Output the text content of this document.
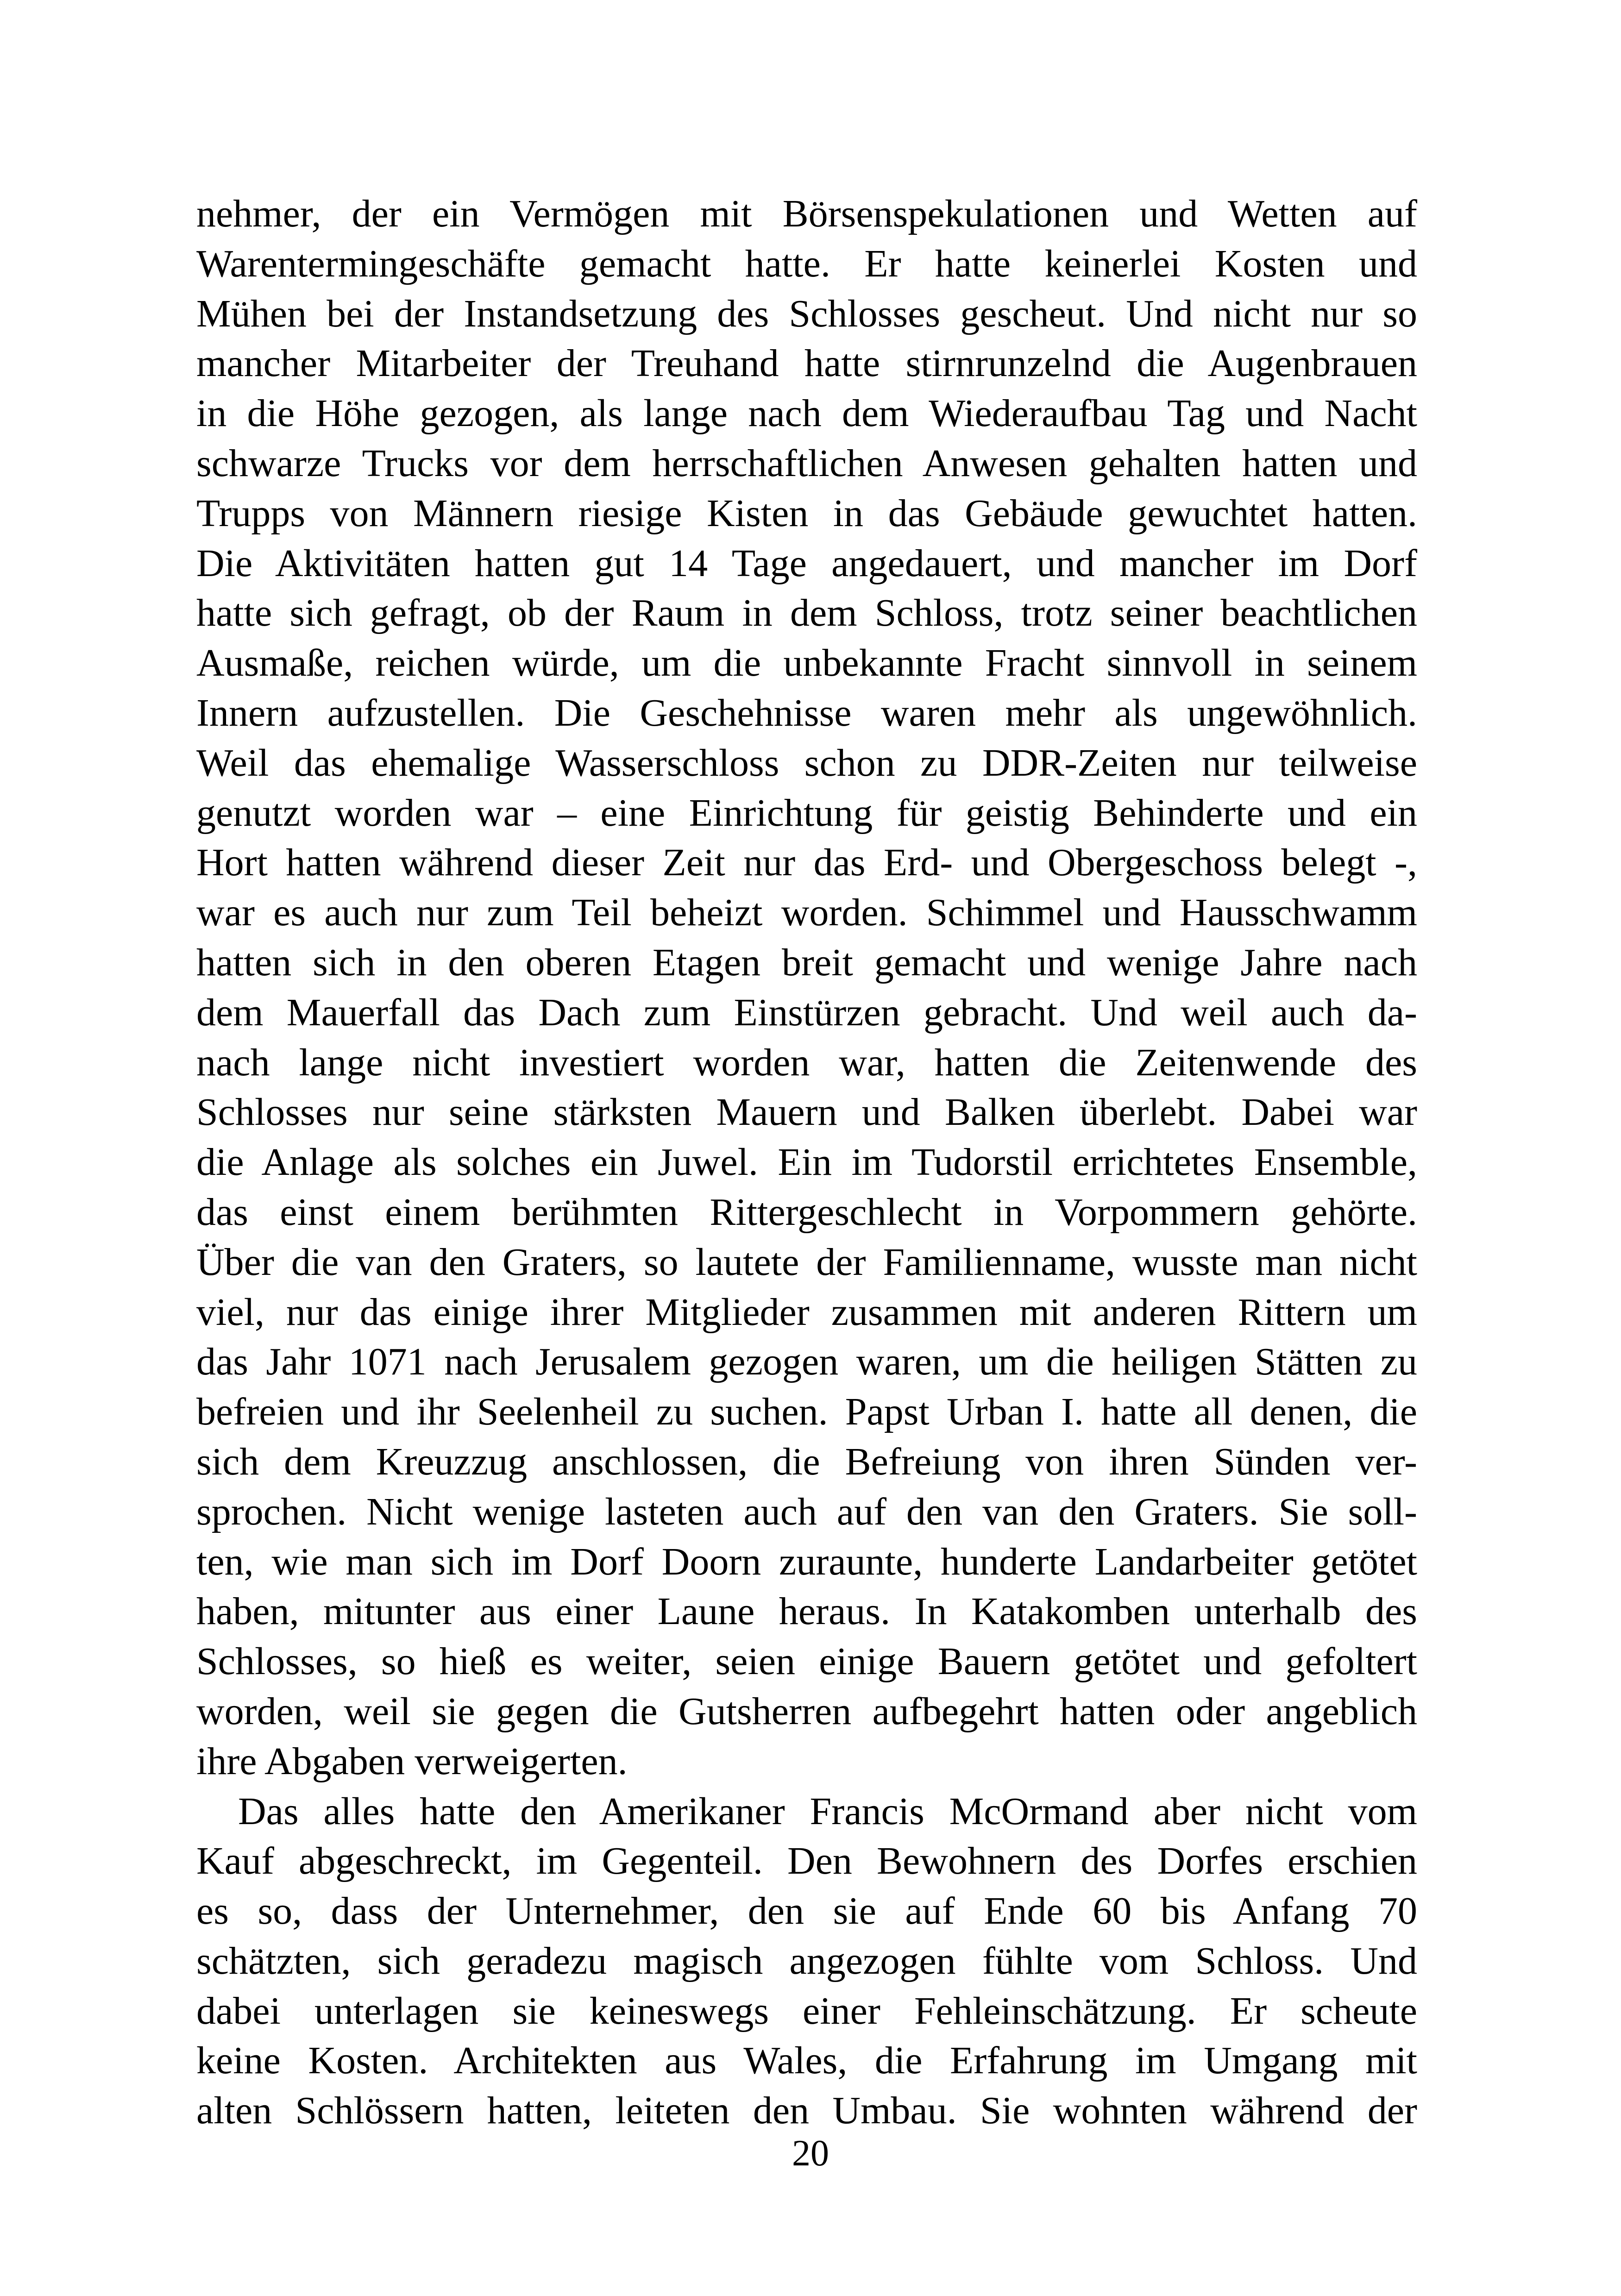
nehmer, der ein Vermögen mit Börsenspekulationen und Wetten auf
Warentermingeschäfte gemacht hatte. Er hatte keinerlei Kosten und
Mühen bei der Instandsetzung des Schlosses gescheut. Und nicht nur so
mancher Mitarbeiter der Treuhand hatte stirnrunzelnd die Augenbrauen
in die Höhe gezogen, als lange nach dem Wiederaufbau Tag und Nacht
schwarze Trucks vor dem herrschaftlichen Anwesen gehalten hatten und
Trupps von Männern riesige Kisten in das Gebäude gewuchtet hatten.
Die Aktivitäten hatten gut 14 Tage angedauert, und mancher im Dorf
hatte sich gefragt, ob der Raum in dem Schloss, trotz seiner beachtlichen
Ausmaße, reichen würde, um die unbekannte Fracht sinnvoll in seinem
Innern aufzustellen. Die Geschehnisse waren mehr als ungewöhnlich.
Weil das ehemalige Wasserschloss schon zu DDR-Zeiten nur teilweise
genutzt worden war – eine Einrichtung für geistig Behinderte und ein
Hort hatten während dieser Zeit nur das Erd- und Obergeschoss belegt -,
war es auch nur zum Teil beheizt worden. Schimmel und Hausschwamm
hatten sich in den oberen Etagen breit gemacht und wenige Jahre nach
dem Mauerfall das Dach zum Einstürzen gebracht. Und weil auch da-
nach lange nicht investiert worden war, hatten die Zeitenwende des
Schlosses nur seine stärksten Mauern und Balken überlebt. Dabei war
die Anlage als solches ein Juwel. Ein im Tudorstil errichtetes Ensemble,
das einst einem berühmten Rittergeschlecht in Vorpommern gehörte.
Über die van den Graters, so lautete der Familienname, wusste man nicht
viel, nur das einige ihrer Mitglieder zusammen mit anderen Rittern um
das Jahr 1071 nach Jerusalem gezogen waren, um die heiligen Stätten zu
befreien und ihr Seelenheil zu suchen. Papst Urban I. hatte all denen, die
sich dem Kreuzzug anschlossen, die Befreiung von ihren Sünden ver-
sprochen. Nicht wenige lasteten auch auf den van den Graters. Sie soll-
ten, wie man sich im Dorf Doorn zuraunte, hunderte Landarbeiter getötet
haben, mitunter aus einer Laune heraus. In Katakomben unterhalb des
Schlosses, so hieß es weiter, seien einige Bauern getötet und gefoltert
worden, weil sie gegen die Gutsherren aufbegehrt hatten oder angeblich
ihre Abgaben verweigerten.
Das alles hatte den Amerikaner Francis McOrmand aber nicht vom
Kauf abgeschreckt, im Gegenteil. Den Bewohnern des Dorfes erschien
es so, dass der Unternehmer, den sie auf Ende 60 bis Anfang 70
schätzten, sich geradezu magisch angezogen fühlte vom Schloss. Und
dabei unterlagen sie keineswegs einer Fehleinschätzung. Er scheute
keine Kosten. Architekten aus Wales, die Erfahrung im Umgang mit
alten Schlössern hatten, leiteten den Umbau. Sie wohnten während der
20
